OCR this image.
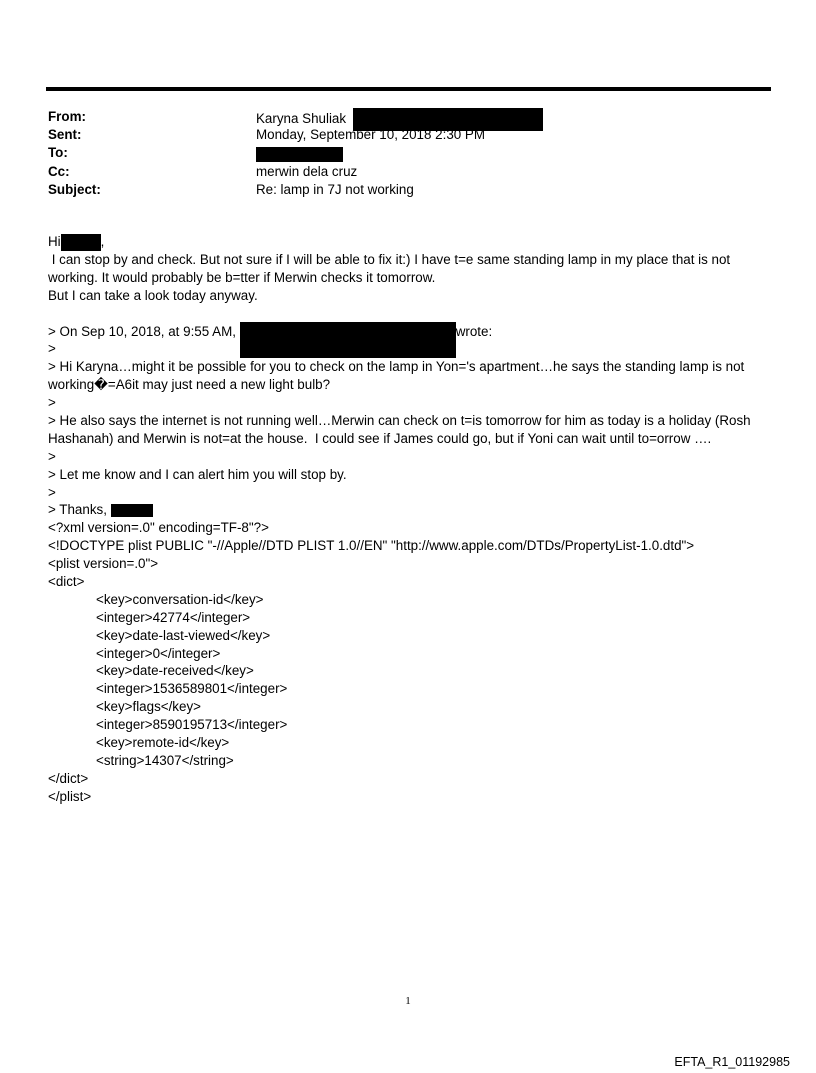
From:	Karyna Shuliak
Sent:	Monday, September 10, 2018 2:30 PM
To:
Cc:	merwin dela cruz
Subject:	Re: lamp in 7J not working
Hi	,
I can stop by and check. But not sure if I will be able to fix it:) I have t=e same standing lamp in my place that is not
working. It would probably be b=tter if Merwin checks it tomorrow.
But I can take a look today anyway.
> On Sep 10, 2018, at 9:55 AM,	wrote:
>
> Hi Karyna…might it be possible for you to check on the lamp in Yon='s apartment…he says the standing lamp is not
working�=A6it may just need a new light bulb?
>
> He also says the internet is not running well…Merwin can check on t=is tomorrow for him as today is a holiday (Rosh
Hashanah) and Merwin is not=at the house.  I could see if James could go, but if Yoni can wait until to=orrow ….
>
> Let me know and I can alert him you will stop by.
>
> Thanks,
<?xml version=.0" encoding=TF-8"?>
<!DOCTYPE plist PUBLIC "-//Apple//DTD PLIST 1.0//EN" "http://www.apple.com/DTDs/PropertyList-1.0.dtd">
<plist version=.0">
<dict>
<key>conversation-id</key>
<integer>42774</integer>
<key>date-last-viewed</key>
<integer>0</integer>
<key>date-received</key>
<integer>1536589801</integer>
<key>flags</key>
<integer>8590195713</integer>
<key>remote-id</key>
<string>14307</string>
</dict>
</plist>
1
EFTA_R1_01192985
